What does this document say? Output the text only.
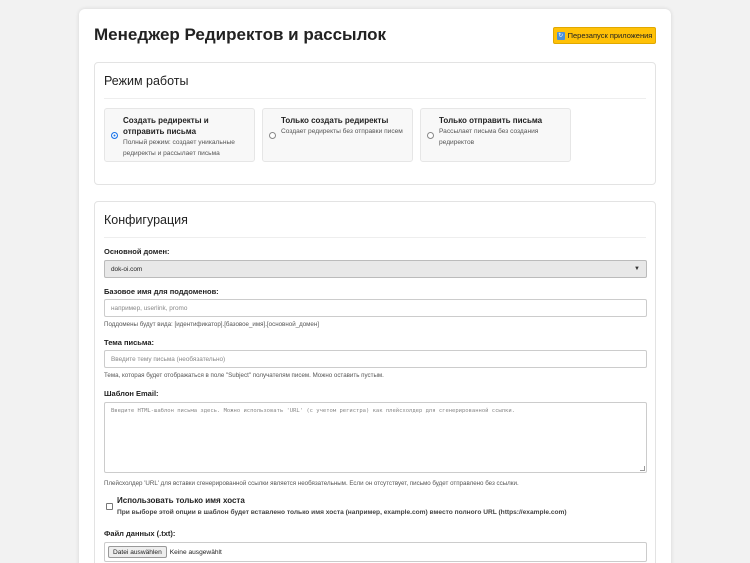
Менеджер Редиректов и рассылок	↻ Перезапуск приложения
Режим работы
Создать редиректы и отправить письма
Полный режим: создает уникальные редиректы и рассылает письма
Только создать редиректы
Создает редиректы без отправки писем
Только отправить письма
Рассылает письма без создания редиректов
Конфигурация
Основной домен:
dok-oi.com	▼
Базовое имя для поддоменов:
например, userlink, promo
Поддомены будут вида: [идентификатор].[базовое_имя].[основной_домен]
Тема письма:
Введите тему письма (необязательно)
Тема, которая будет отображаться в поле "Subject" получателям писем. Можно оставить пустым.
Шаблон Email:
Введите HTML-шаблон письма здесь. Можно использовать 'URL' (с учетом регистра) как плейсхолдер для сгенерированной ссылки.
Плейсхолдер 'URL' для вставки сгенерированной ссылки является необязательным. Если он отсутствует, письмо будет отправлено без ссылки.
Использовать только имя хоста
При выборе этой опции в шаблон будет вставлено только имя хоста (например, example.com) вместо полного URL (https://example.com)
Файл данных (.txt):
Datei auswählen	Keine ausgewählt
